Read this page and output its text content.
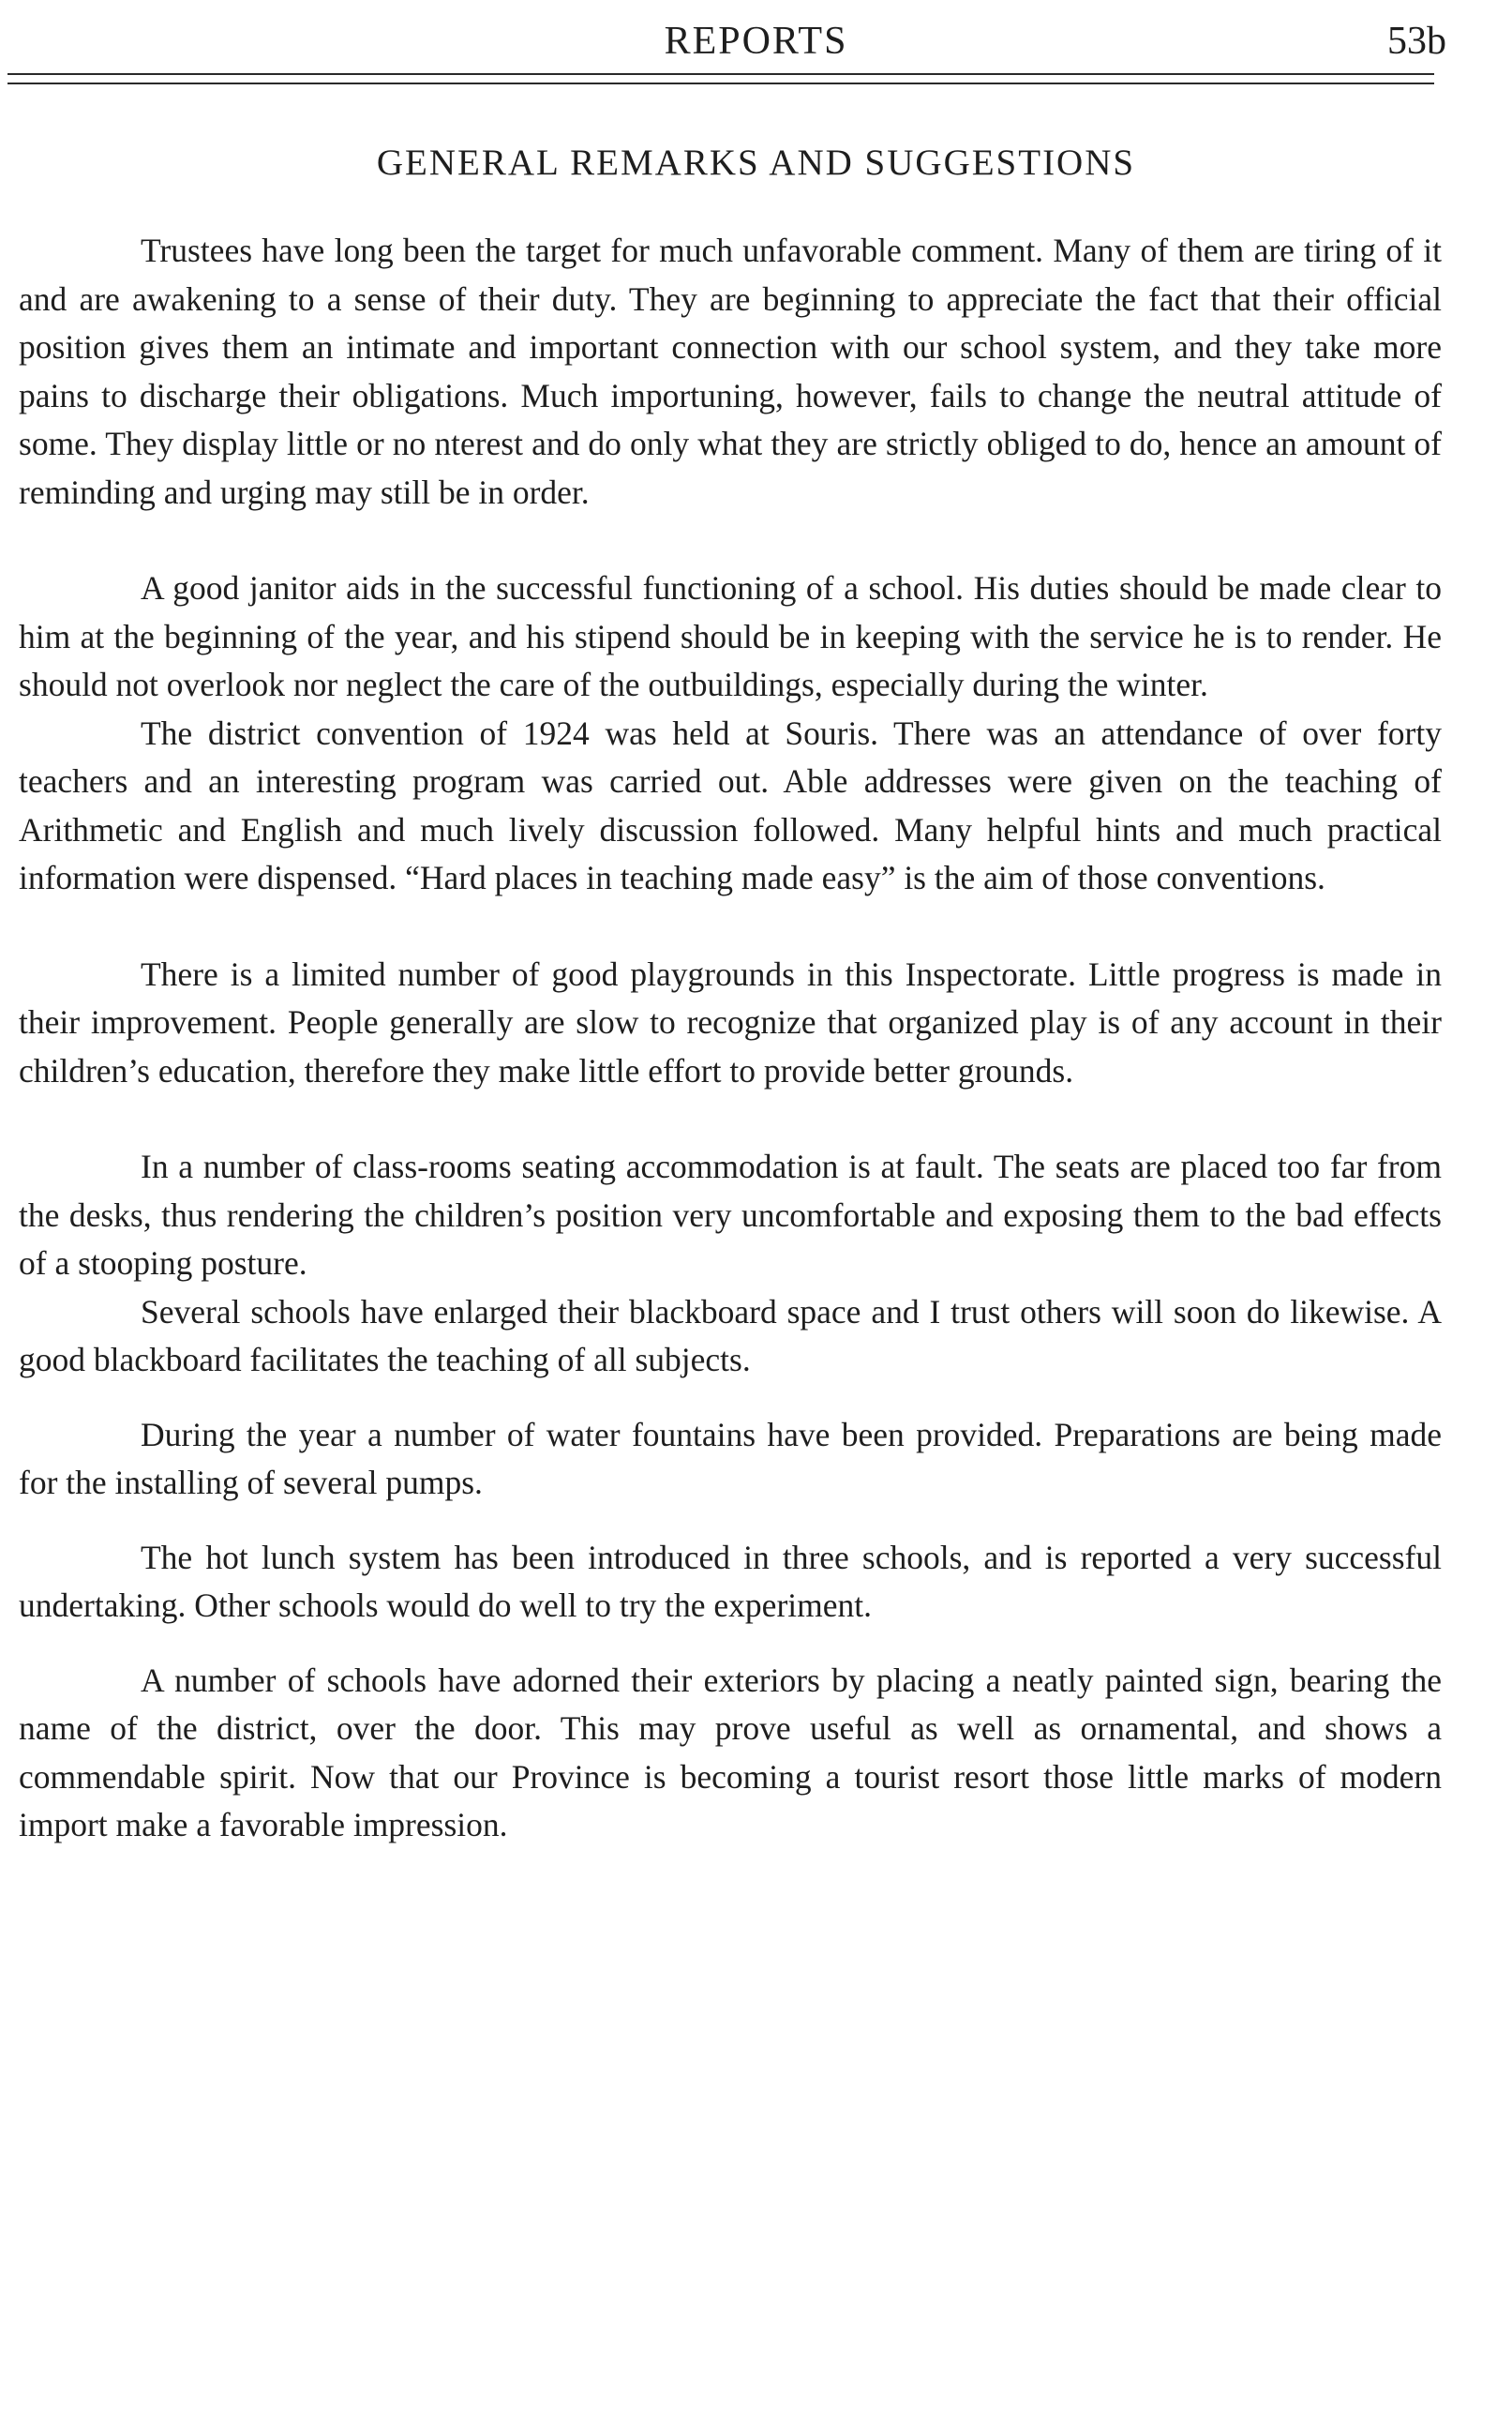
REPORTS	53b
GENERAL REMARKS AND SUGGESTIONS

Trustees have long been the target for much unfavorable comment. Many of them are tiring of it and are awakening to a sense of their duty. They are beginning to appreciate the fact that their official position gives them an intimate and important connection with our school system, and they take more pains to discharge their obligations. Much importuning, however, fails to change the neutral attitude of some. They display little or no nterest and do only what they are strictly obliged to do, hence an amount of reminding and urging may still be in order.

A good janitor aids in the successful functioning of a school. His duties should be made clear to him at the beginning of the year, and his stipend should be in keeping with the service he is to render. He should not overlook nor neglect the care of the outbuildings, especially during the winter.

The district convention of 1924 was held at Souris. There was an attendance of over forty teachers and an interesting program was carried out. Able addresses were given on the teaching of Arithmetic and English and much lively discussion followed. Many helpful hints and much practical information were dispensed. “Hard places in teaching made easy” is the aim of those conventions.

There is a limited number of good playgrounds in this Inspectorate. Little progress is made in their improvement. People generally are slow to recognize that organized play is of any account in their children’s education, therefore they make little effort to provide better grounds.

In a number of class-rooms seating accommodation is at fault. The seats are placed too far from the desks, thus rendering the children’s position very uncomfortable and exposing them to the bad effects of a stooping posture.

Several schools have enlarged their blackboard space and I trust others will soon do likewise. A good blackboard facilitates the teaching of all subjects.

During the year a number of water fountains have been provided. Preparations are being made for the installing of several pumps.

The hot lunch system has been introduced in three schools, and is reported a very successful undertaking. Other schools would do well to try the experiment.

A number of schools have adorned their exteriors by placing a neatly painted sign, bearing the name of the district, over the door. This may prove useful as well as ornamental, and shows a commendable spirit. Now that our Province is becoming a tourist resort those little marks of modern import make a favorable impression.
